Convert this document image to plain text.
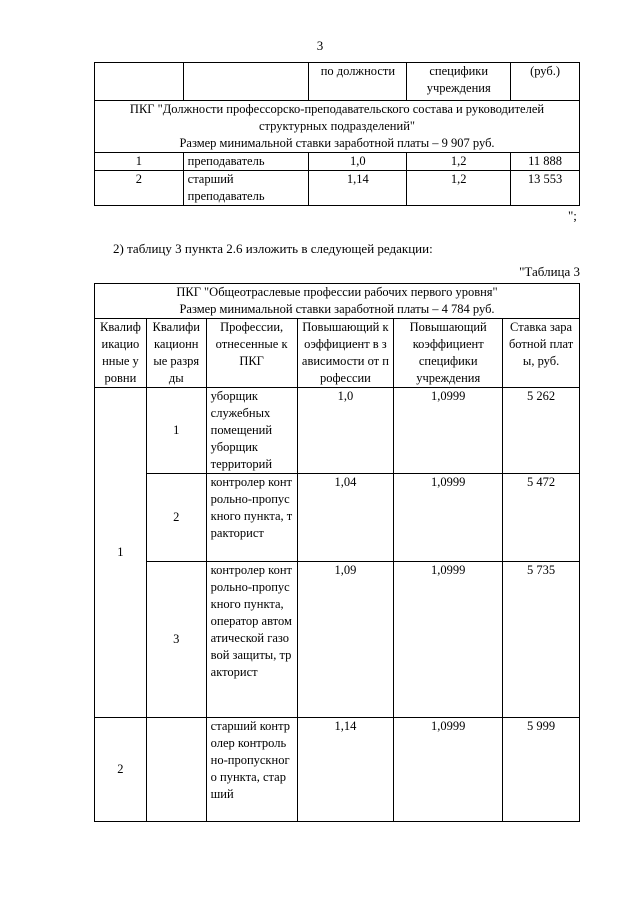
3
		по должности	специфики учреждения	(руб.)

ПКГ "Должности профессорско-преподавательского состава и руководителей структурных подразделений"
Размер минимальной ставки заработной платы – 9 907 руб.				

1	преподаватель	1,0	1,2	11 888
2	старший преподаватель	1,14	1,2	13 553
";
2) таблицу 3 пункта 2.6 изложить в следующей редакции:
"Таблица 3
ПКГ "Общеотраслевые профессии рабочих первого уровня"
Размер минимальной ставки заработной платы – 4 784 руб.					

Квалификационные уровни	Квалификационные разряды	Профессии, отнесенные к ПКГ	Повышающий коэффициент в зависимости от профессии	Повышающий коэффициент специфики учреждения	Ставка заработной платы, руб.
1	1	уборщик служебных помещений уборщик территорий	1,0	1,0999	5 262
	2	контролер контрольно-пропускного пункта, тракторист	1,04	1,0999	5 472
	3	контролер контрольно-пропускного пункта, оператор автоматической газовой защиты, тракторист	1,09	1,0999	5 735
2		старший контролер контрольно-пропускного пункта, старший	1,14	1,0999	5 999
